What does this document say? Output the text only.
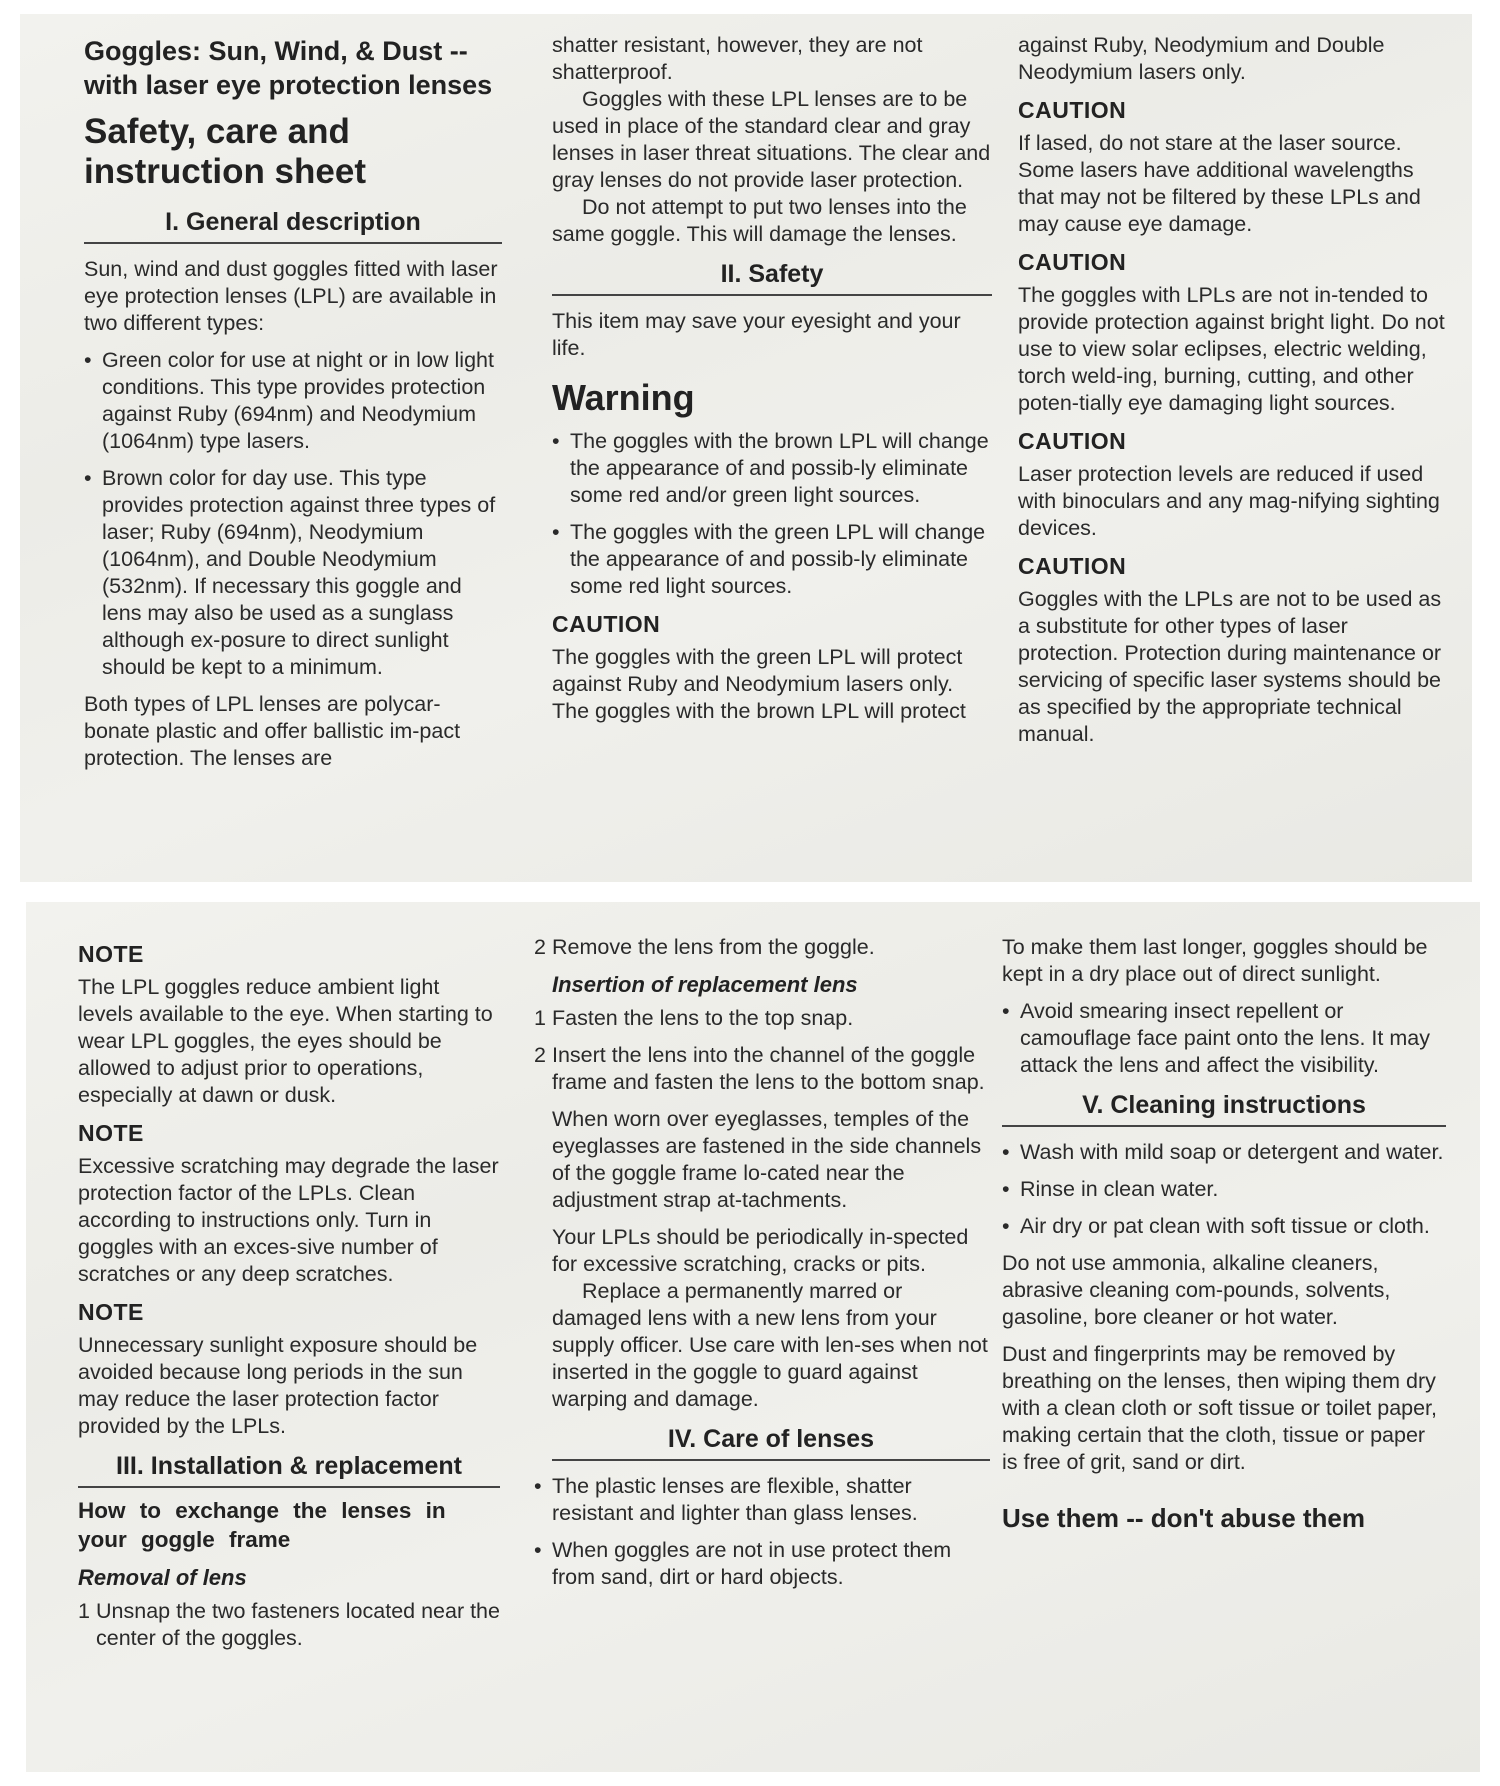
Goggles: Sun, Wind, & Dust -- with laser eye protection lenses
Safety, care and instruction sheet
I. General description
Sun, wind and dust goggles fitted with laser eye protection lenses (LPL) are available in two different types:
• Green color for use at night or in low light conditions. This type provides protection against Ruby (694nm) and Neodymium (1064nm) type lasers.
• Brown color for day use. This type provides protection against three types of laser; Ruby (694nm), Neodymium (1064nm), and Double Neodymium (532nm). If necessary this goggle and lens may also be used as a sunglass although ex-posure to direct sunlight should be kept to a minimum.
Both types of LPL lenses are polycar-bonate plastic and offer ballistic im-pact protection. The lenses are
shatter resistant, however, they are not shatterproof.
Goggles with these LPL lenses are to be used in place of the standard clear and gray lenses in laser threat situations. The clear and gray lenses do not provide laser protection.
Do not attempt to put two lenses into the same goggle. This will damage the lenses.
II. Safety
This item may save your eyesight and your life.
Warning
• The goggles with the brown LPL will change the appearance of and possib-ly eliminate some red and/or green light sources.
• The goggles with the green LPL will change the appearance of and possib-ly eliminate some red light sources.
CAUTION
The goggles with the green LPL will protect against Ruby and Neodymium lasers only. The goggles with the brown LPL will protect
against Ruby, Neodymium and Double Neodymium lasers only.
CAUTION
If lased, do not stare at the laser source. Some lasers have additional wavelengths that may not be filtered by these LPLs and may cause eye damage.
CAUTION
The goggles with LPLs are not in-tended to provide protection against bright light. Do not use to view solar eclipses, electric welding, torch weld-ing, burning, cutting, and other poten-tially eye damaging light sources.
CAUTION
Laser protection levels are reduced if used with binoculars and any mag-nifying sighting devices.
CAUTION
Goggles with the LPLs are not to be used as a substitute for other types of laser protection. Protection during maintenance or servicing of specific laser systems should be as specified by the appropriate technical manual.
NOTE
The LPL goggles reduce ambient light levels available to the eye. When starting to wear LPL goggles, the eyes should be allowed to adjust prior to operations, especially at dawn or dusk.
NOTE
Excessive scratching may degrade the laser protection factor of the LPLs. Clean according to instructions only. Turn in goggles with an exces-sive number of scratches or any deep scratches.
NOTE
Unnecessary sunlight exposure should be avoided because long periods in the sun may reduce the laser protection factor provided by the LPLs.
III. Installation & replacement
How to exchange the lenses in your goggle frame
Removal of lens
1 Unsnap the two fasteners located near the center of the goggles.
2 Remove the lens from the goggle.
Insertion of replacement lens
1 Fasten the lens to the top snap.
2 Insert the lens into the channel of the goggle frame and fasten the lens to the bottom snap.
When worn over eyeglasses, temples of the eyeglasses are fastened in the side channels of the goggle frame lo-cated near the adjustment strap at-tachments.
Your LPLs should be periodically in-spected for excessive scratching, cracks or pits.
Replace a permanently marred or damaged lens with a new lens from your supply officer. Use care with len-ses when not inserted in the goggle to guard against warping and damage.
IV. Care of lenses
• The plastic lenses are flexible, shatter resistant and lighter than glass lenses.
• When goggles are not in use protect them from sand, dirt or hard objects.
To make them last longer, goggles should be kept in a dry place out of direct sunlight.
• Avoid smearing insect repellent or camouflage face paint onto the lens. It may attack the lens and affect the visibility.
V. Cleaning instructions
• Wash with mild soap or detergent and water.
• Rinse in clean water.
• Air dry or pat clean with soft tissue or cloth.
Do not use ammonia, alkaline cleaners, abrasive cleaning com-pounds, solvents, gasoline, bore cleaner or hot water.
Dust and fingerprints may be removed by breathing on the lenses, then wiping them dry with a clean cloth or soft tissue or toilet paper, making certain that the cloth, tissue or paper is free of grit, sand or dirt.
Use them -- don't abuse them
